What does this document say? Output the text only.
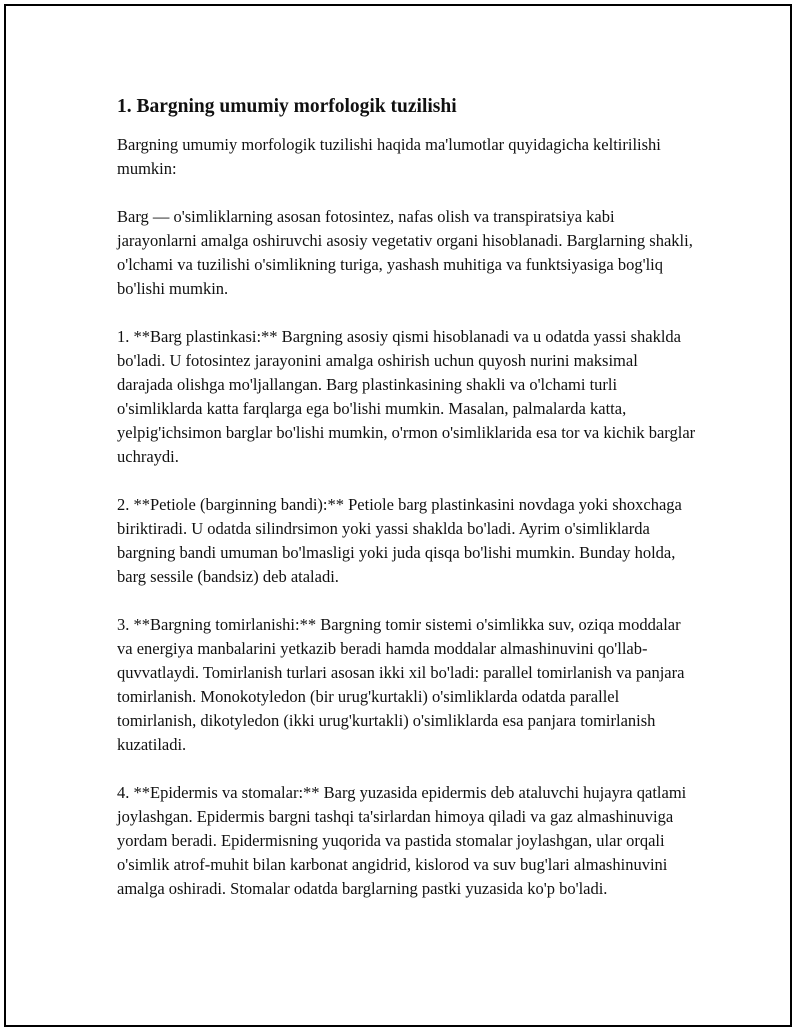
1. Bargning umumiy morfologik tuzilishi

Bargning umumiy morfologik tuzilishi haqida ma'lumotlar quyidagicha keltirilishi mumkin:

Barg — o'simliklarning asosan fotosintez, nafas olish va transpiratsiya kabi jarayonlarni amalga oshiruvchi asosiy vegetativ organi hisoblanadi. Barglarning shakli, o'lchami va tuzilishi o'simlikning turiga, yashash muhitiga va funktsiyasiga bog'liq bo'lishi mumkin.

1. **Barg plastinkasi:** Bargning asosiy qismi hisoblanadi va u odatda yassi shaklda bo'ladi. U fotosintez jarayonini amalga oshirish uchun quyosh nurini maksimal darajada olishga mo'ljallangan. Barg plastinkasining shakli va o'lchami turli o'simliklarda katta farqlarga ega bo'lishi mumkin. Masalan, palmalarda katta, yelpig'ichsimon barglar bo'lishi mumkin, o'rmon o'simliklarida esa tor va kichik barglar uchraydi.

2. **Petiole (barginning bandi):** Petiole barg plastinkasini novdaga yoki shoxchaga biriktiradi. U odatda silindrsimon yoki yassi shaklda bo'ladi. Ayrim o'simliklarda bargning bandi umuman bo'lmasligi yoki juda qisqa bo'lishi mumkin. Bunday holda, barg sessile (bandsiz) deb ataladi.

3. **Bargning tomirlanishi:** Bargning tomir sistemi o'simlikka suv, oziqa moddalar va energiya manbalarini yetkazib beradi hamda moddalar almashinuvini qo'llab-quvvatlaydi. Tomirlanish turlari asosan ikki xil bo'ladi: parallel tomirlanish va panjara tomirlanish. Monokotyledon (bir urug'kurtakli) o'simliklarda odatda parallel tomirlanish, dikotyledon (ikki urug'kurtakli) o'simliklarda esa panjara tomirlanish kuzatiladi.

4. **Epidermis va stomalar:** Barg yuzasida epidermis deb ataluvchi hujayra qatlami joylashgan. Epidermis bargni tashqi ta'sirlardan himoya qiladi va gaz almashinuviga yordam beradi. Epidermisning yuqorida va pastida stomalar joylashgan, ular orqali o'simlik atrof-muhit bilan karbonat angidrid, kislorod va suv bug'lari almashinuvini amalga oshiradi. Stomalar odatda barglarning pastki yuzasida ko'p bo'ladi.
